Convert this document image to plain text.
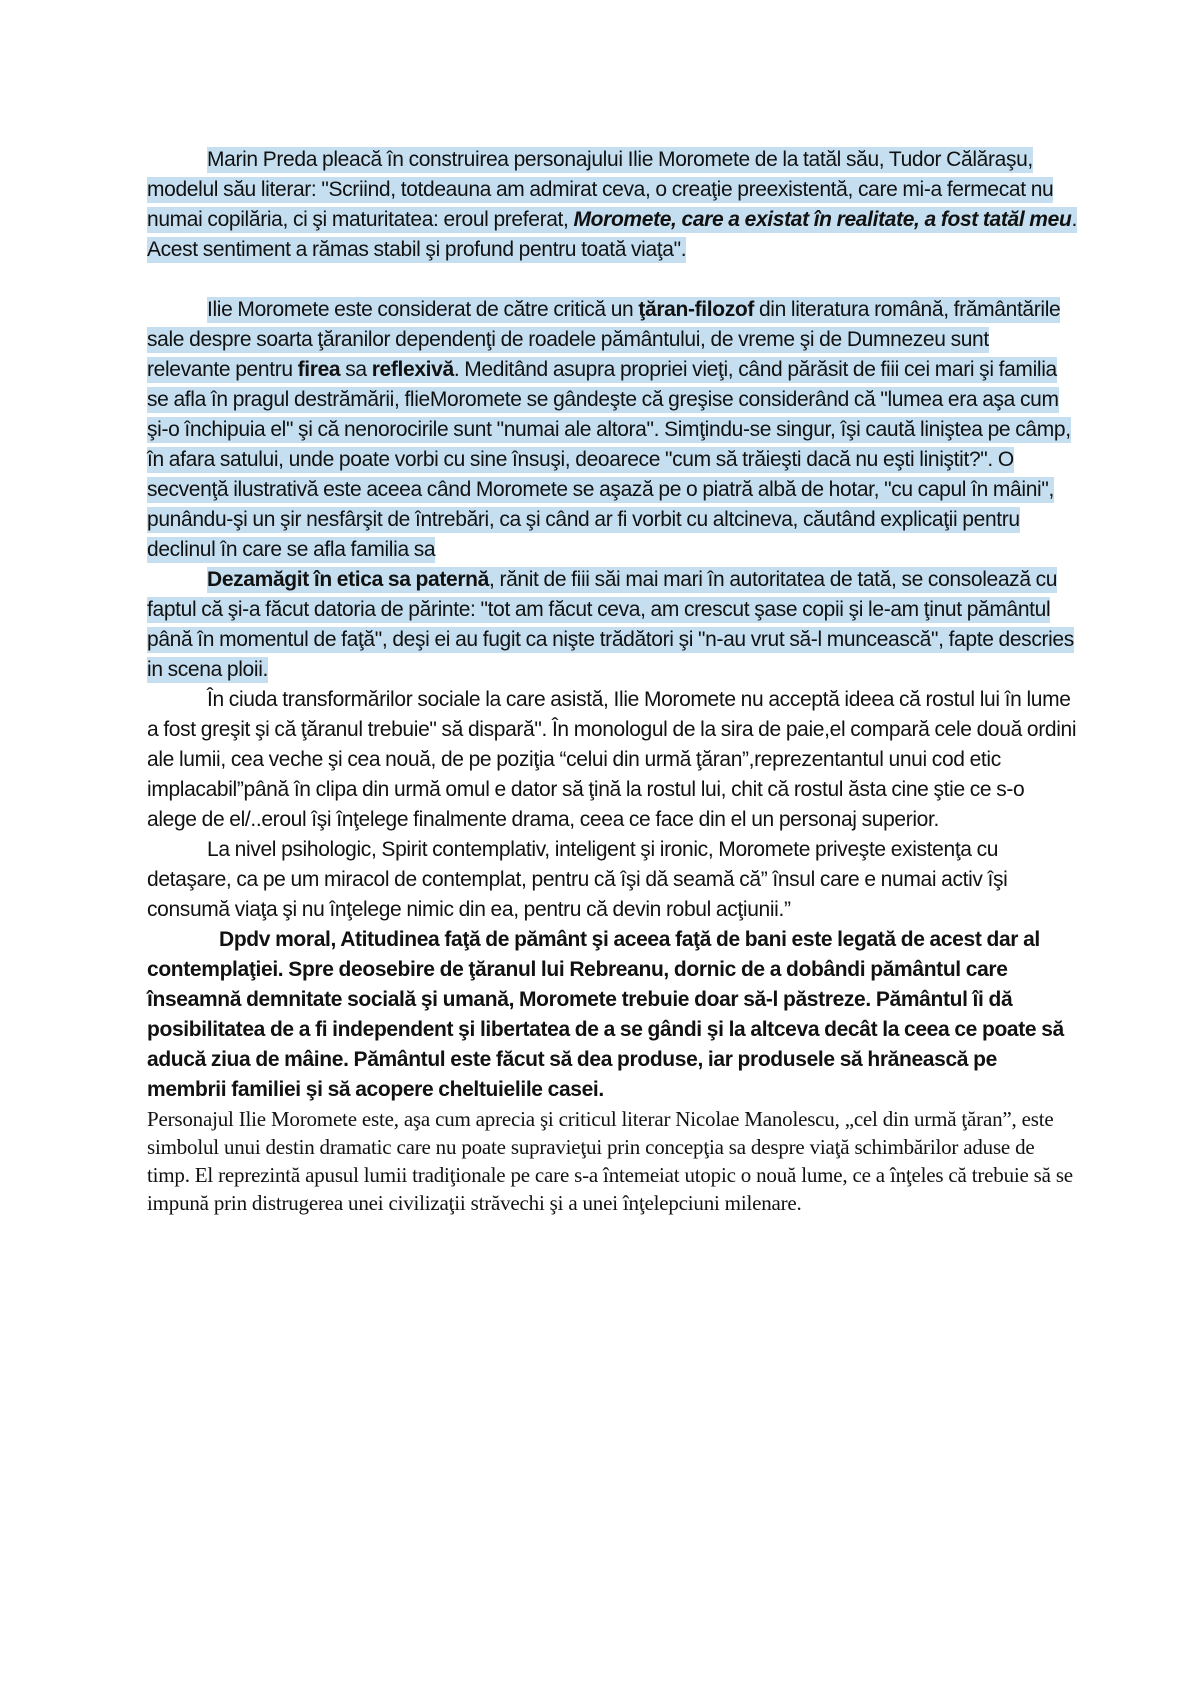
Marin Preda pleacă în construirea personajului Ilie Moromete de la tatăl său, Tudor Călăraşu, modelul său literar: "Scriind, totdeauna am admirat ceva, o creaţie preexistentă, care mi-a fermecat nu numai copilăria, ci şi maturitatea: eroul preferat, Moromete, care a existat în realitate, a fost tatăl meu. Acest sentiment a rămas stabil şi profund pentru toată viaţa".

Ilie Moromete este considerat de către critică un ţăran-filozof din literatura română, frământările sale despre soarta ţăranilor dependenţi de roadele pământului, de vreme şi de Dumnezeu sunt relevante pentru firea sa reflexivă. Meditând asupra propriei vieţi, când părăsit de fiii cei mari şi familia se afla în pragul destrămării, flieMoromete se gândeşte că greşise considerând că "lumea era aşa cum şi-o închipuia el" şi că nenorocirile sunt "numai ale altora". Simţindu-se singur, îşi caută liniştea pe câmp, în afara satului, unde poate vorbi cu sine însuşi, deoarece "cum să trăieşti dacă nu eşti liniştit?". O secvenţă ilustrativă este aceea când Moromete se aşază pe o piatră albă de hotar, "cu capul în mâini", punându-şi un şir nesfârşit de întrebări, ca şi când ar fi vorbit cu altcineva, căutând explicaţii pentru declinul în care se afla familia sa

Dezamăgit în etica sa paternă, rănit de fiii săi mai mari în autoritatea de tată, se consolează cu faptul că şi-a făcut datoria de părinte: "tot am făcut ceva, am crescut şase copii şi le-am ţinut pământul până în momentul de faţă", deşi ei au fugit ca nişte trădători şi "n-au vrut să-l muncească", fapte descries in scena ploii.

În ciuda transformărilor sociale la care asistă, Ilie Moromete nu acceptă ideea că rostul lui în lume a fost greşit şi că ţăranul trebuie" să dispară". În monologul de la sira de paie,el compară cele două ordini ale lumii, cea veche şi cea nouă, de pe poziţia “celui din urmă ţăran”,reprezentantul unui cod etic implacabil”până în clipa din urmă omul e dator să ţină la rostul lui, chit că rostul ăsta cine ştie ce s-o alege de el/..eroul îşi înţelege finalmente drama, ceea ce face din el un personaj superior.

La nivel psihologic, Spirit contemplativ, inteligent şi ironic, Moromete priveşte existenţa cu detaşare, ca pe um miracol de contemplat, pentru că îşi dă seamă că” însul care e numai activ îşi consumă viaţa şi nu înţelege nimic din ea, pentru că devin robul acţiunii.”

Dpdv moral, Atitudinea faţă de pământ şi aceea faţă de bani este legată de acest dar al contemplaţiei. Spre deosebire de ţăranul lui Rebreanu, dornic de a dobândi pământul care înseamnă demnitate socială şi umană, Moromete trebuie doar să-l păstreze. Pământul îi dă posibilitatea de a fi independent şi libertatea de a se gândi şi la altceva decât la ceea ce poate să aducă ziua de mâine. Pământul este făcut să dea produse, iar produsele să hrănească pe membrii familiei şi să acopere cheltuielile casei.

Personajul Ilie Moromete este, aşa cum aprecia şi criticul literar Nicolae Manolescu, „cel din urmă ţăran”, este simbolul unui destin dramatic care nu poate supravieţui prin concepţia sa despre viaţă schimbărilor aduse de timp. El reprezintă apusul lumii tradiţionale pe care s-a întemeiat utopic o nouă lume, ce a înţeles că trebuie să se impună prin distrugerea unei civilizaţii străvechi şi a unei înţelepciuni milenare.
